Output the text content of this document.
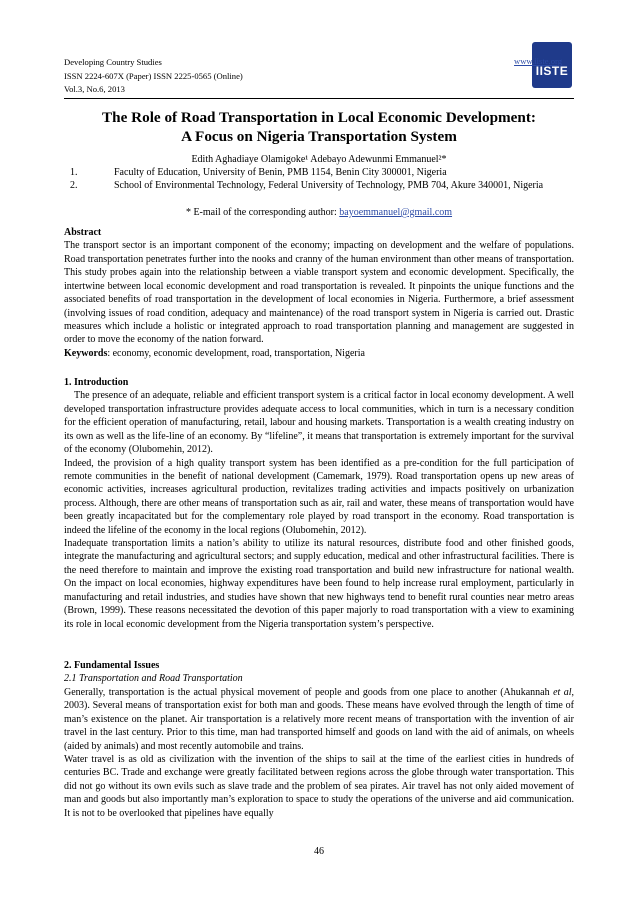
Developing Country Studies
ISSN 2224-607X (Paper) ISSN 2225-0565 (Online)
Vol.3, No.6, 2013
IISTE
www.iiste.org
The Role of Road Transportation in Local Economic Development:
A Focus on Nigeria Transportation System
Edith Aghadiaye Olamigoke¹ Adebayo Adewunmi Emmanuel²*
1.	Faculty of Education, University of Benin, PMB 1154, Benin City 300001, Nigeria
2.	School of Environmental Technology, Federal University of Technology, PMB 704, Akure 340001, Nigeria
* E-mail of the corresponding author: bayoemmanuel@gmail.com

Abstract

The transport sector is an important component of the economy; impacting on development and the welfare of populations. Road transportation penetrates further into the nooks and cranny of the human environment than other means of transportation. This study probes again into the relationship between a viable transport system and economic development. Specifically, the intertwine between local economic development and road transportation is revealed. It pinpoints the unique functions and the associated benefits of road transportation in the development of local economies in Nigeria. Furthermore, a brief assessment (involving issues of road condition, adequacy and maintenance) of the road transport system in Nigeria is carried out. Drastic measures which include a holistic or integrated approach to road transportation planning and management are suggested in order to move the economy of the nation forward.

Keywords: economy, economic development, road, transportation, Nigeria

1. Introduction

The presence of an adequate, reliable and efficient transport system is a critical factor in local economy development. A well developed transportation infrastructure provides adequate access to local communities, which in turn is a necessary condition for the efficient operation of manufacturing, retail, labour and housing markets. Transportation is a wealth creating industry on its own as well as the life-line of an economy. By “lifeline”, it means that transportation is extremely important for the survival of the economy (Olubomehin, 2012).

Indeed, the provision of a high quality transport system has been identified as a pre-condition for the full participation of remote communities in the benefit of national development (Camemark, 1979). Road transportation opens up new areas of economic activities, increases agricultural production, revitalizes trading activities and impacts positively on urbanization process. Although, there are other means of transportation such as air, rail and water, these means of transportation would have been greatly incapacitated but for the complementary role played by road transport in the economy. Road transportation is indeed the lifeline of the economy in the local regions (Olubomehin, 2012).

Inadequate transportation limits a nation’s ability to utilize its natural resources, distribute food and other finished goods, integrate the manufacturing and agricultural sectors; and supply education, medical and other infrastructural facilities. There is the need therefore to maintain and improve the existing road transportation and build new infrastructure for national wealth. On the impact on local economies, highway expenditures have been found to help increase rural employment, particularly in manufacturing and retail industries, and studies have shown that new highways tend to benefit rural counties near metro areas (Brown, 1999). These reasons necessitated the devotion of this paper majorly to road transportation with a view to examining its role in local economic development from the Nigeria transportation system’s perspective.

2. Fundamental Issues

2.1 Transportation and Road Transportation

Generally, transportation is the actual physical movement of people and goods from one place to another (Ahukannah et al, 2003). Several means of transportation exist for both man and goods. These means have evolved through the length of time of man’s existence on the planet. Air transportation is a relatively more recent means of transportation with the invention of air travel in the last century. Prior to this time, man had transported himself and goods on land with the aid of animals, on wheels (aided by animals) and most recently automobile and trains.

Water travel is as old as civilization with the invention of the ships to sail at the time of the earliest cities in hundreds of centuries BC. Trade and exchange were greatly facilitated between regions across the globe through water transportation. This did not go without its own evils such as slave trade and the problem of sea pirates. Air travel has not only aided movement of man and goods but also importantly man’s exploration to space to study the operations of the universe and aid communication. It is not to be overlooked that pipelines have equally

46
